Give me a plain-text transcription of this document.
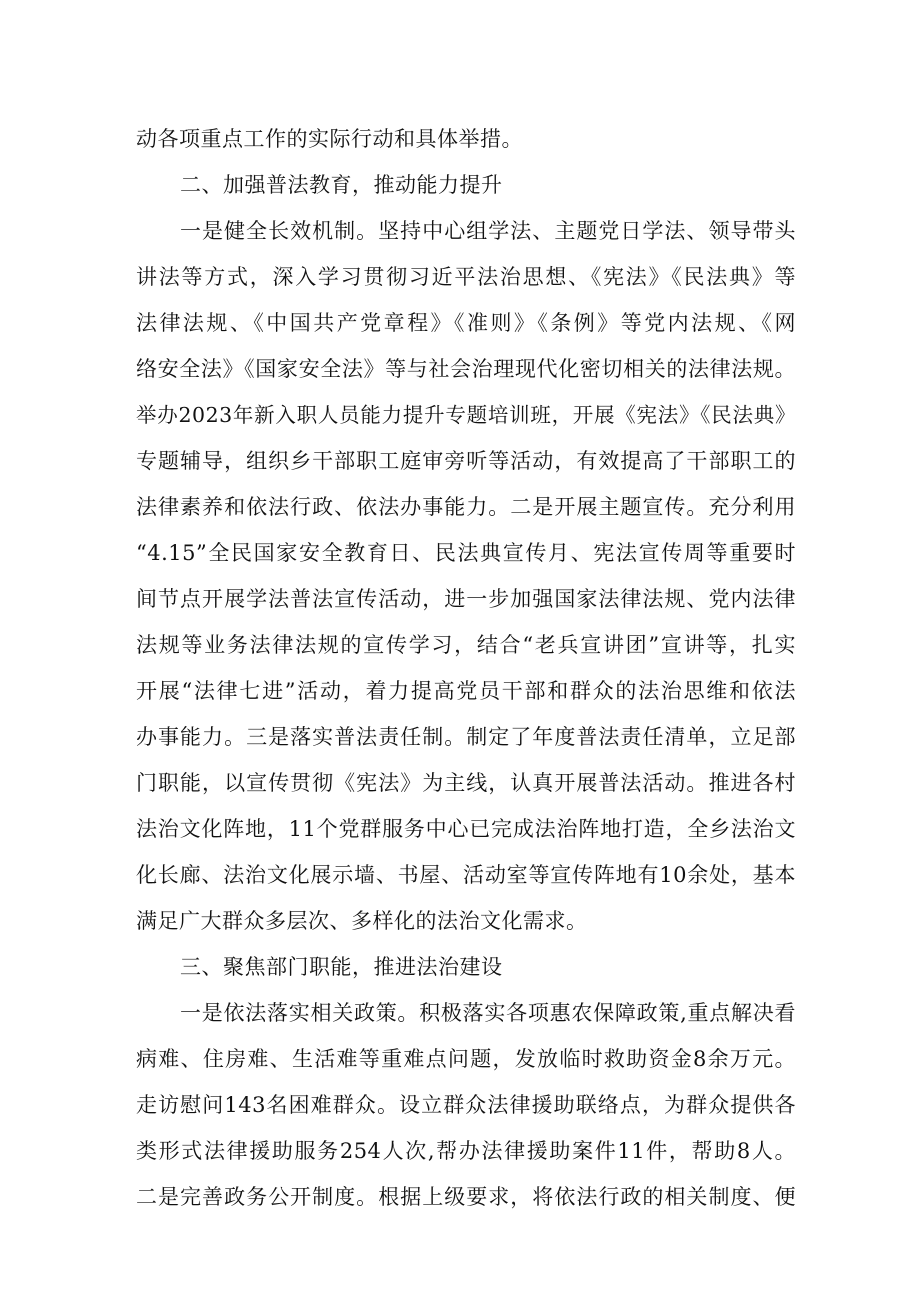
动各项重点工作的实际行动和具体举措。
二、加强普法教育，推动能力提升
一是健全长效机制。坚持中心组学法、主题党日学法、领导带头
讲法等方式，深入学习贯彻习近平法治思想、《宪法》《民法典》等
法律法规、《中国共产党章程》《准则》《条例》等党内法规、《网
络安全法》《国家安全法》等与社会治理现代化密切相关的法律法规。
举办2023年新入职人员能力提升专题培训班，开展《宪法》《民法典》
专题辅导，组织乡干部职工庭审旁听等活动，有效提高了干部职工的
法律素养和依法行政、依法办事能力。二是开展主题宣传。充分利用
“4.15”全民国家安全教育日、民法典宣传月、宪法宣传周等重要时
间节点开展学法普法宣传活动，进一步加强国家法律法规、党内法律
法规等业务法律法规的宣传学习，结合“老兵宣讲团”宣讲等，扎实
开展“法律七进”活动，着力提高党员干部和群众的法治思维和依法
办事能力。三是落实普法责任制。制定了年度普法责任清单，立足部
门职能，以宣传贯彻《宪法》为主线，认真开展普法活动。推进各村
法治文化阵地，11个党群服务中心已完成法治阵地打造，全乡法治文
化长廊、法治文化展示墙、书屋、活动室等宣传阵地有10余处，基本
满足广大群众多层次、多样化的法治文化需求。
三、聚焦部门职能，推进法治建设
一是依法落实相关政策。积极落实各项惠农保障政策,重点解决看
病难、住房难、生活难等重难点问题，发放临时救助资金8余万元。
走访慰问143名困难群众。设立群众法律援助联络点，为群众提供各
类形式法律援助服务254人次,帮办法律援助案件11件，帮助8人。
二是完善政务公开制度。根据上级要求，将依法行政的相关制度、便
